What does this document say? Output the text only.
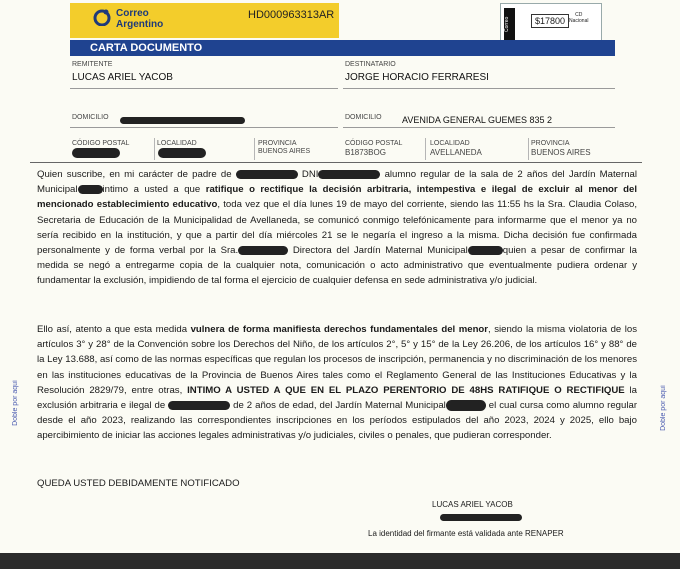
Correo
Argentino
HD000963313AR
Correo	$17800
CD
Nacional
CARTA DOCUMENTO
REMITENTE
LUCAS ARIEL YACOB
DOMICILIO
CÓDIGO POSTAL	LOCALIDAD	PROVINCIA
BUENOS AIRES
DESTINATARIO
JORGE HORACIO FERRARESI
DOMICILIO AVENIDA GENERAL GUEMES 835 2
CÓDIGO POSTAL
B1873BOG
LOCALIDAD
AVELLANEDA
PROVINCIA
BUENOS AIRES
Doble por aquí	Doble por aquí
Quien suscribe, en mi carácter de padre de	DNI	alumno regular de la sala de 2 años del Jardín Maternal Municipal	intimo a usted a que ratifique o rectifique la decisión arbitraria, intempestiva e ilegal de excluir al menor del mencionado establecimiento educativo, toda vez que el día lunes 19 de mayo del corriente, siendo las 11:55 hs la Sra. Claudia Colaso, Secretaria de Educación de la Municipalidad de Avellaneda, se comunicó conmigo telefónicamente para informarme que el menor ya no sería recibido en la institución, y que a partir del día miércoles 21 se le negaría el ingreso a la misma. Dicha decisión fue confirmada personalmente y de forma verbal por la Sra.	Directora del Jardín Maternal Municipal	quien a pesar de confirmar la medida se negó a entregarme copia de la cualquier nota, comunicación o acto administrativo que eventualmente pudiera ordenar y fundamentar la exclusión, impidiendo de tal forma el ejercicio de cualquier defensa en sede administrativa y/o judicial.
Ello así, atento a que esta medida vulnera de forma manifiesta derechos fundamentales del menor, siendo la misma violatoria de los artículos 3° y 28° de la Convención sobre los Derechos del Niño, de los artículos 2°, 5° y 15° de la Ley 26.206, de los artículos 16° y 88° de la Ley 13.688, así como de las normas específicas que regulan los procesos de inscripción, permanencia y no discriminación de los menores en las instituciones educativas de la Provincia de Buenos Aires tales como el Reglamento General de las Instituciones Educativas y la Resolución 2829/79, entre otras, INTIMO A USTED A QUE EN EL PLAZO PERENTORIO DE 48HS RATIFIQUE O RECTIFIQUE la exclusión arbitraria e ilegal de	de 2 años de edad, del Jardín Maternal Municipal	el cual cursa como alumno regular desde el año 2023, realizando las correspondientes inscripciones en los períodos estipulados del año 2023, 2024 y 2025, ello bajo apercibimiento de iniciar las acciones legales administrativas y/o judiciales, civiles o penales, que pudieran corresponder.
QUEDA USTED DEBIDAMENTE NOTIFICADO
LUCAS ARIEL YACOB
La identidad del firmante está validada ante RENAPER
